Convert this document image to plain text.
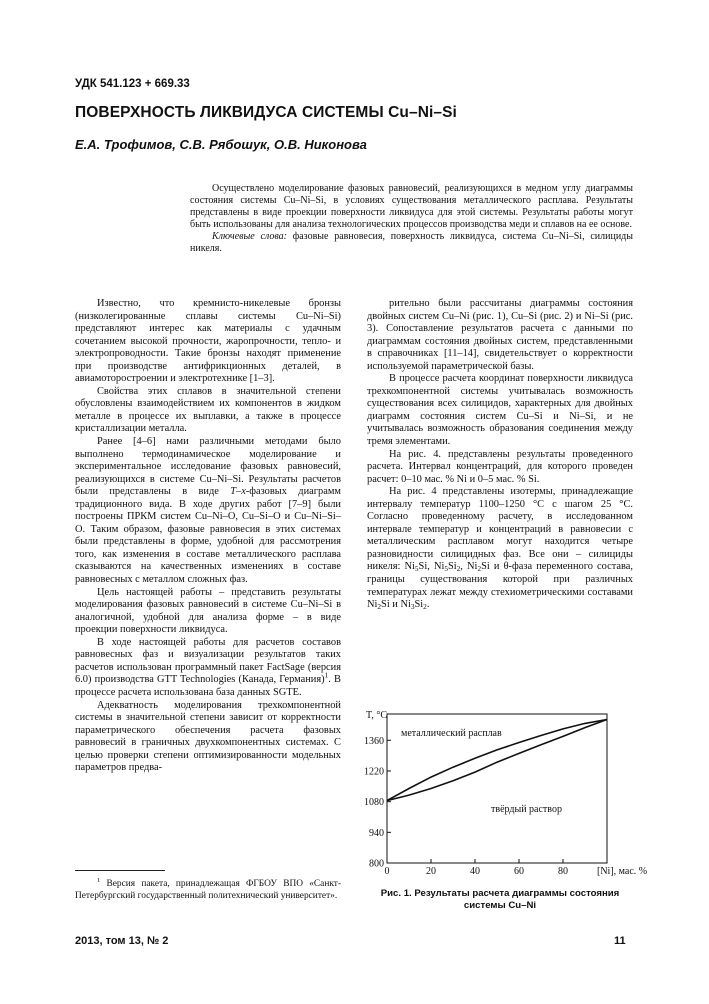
УДК 541.123 + 669.33
ПОВЕРХНОСТЬ ЛИКВИДУСА СИСТЕМЫ Cu–Ni–Si
Е.А. Трофимов, С.В. Рябошук, О.В. Никонова

Осуществлено моделирование фазовых равновесий, реализующихся в медном углу диаграммы состояния системы Cu–Ni–Si, в условиях существования металлического расплава. Результаты представлены в виде проекции поверхности ликвидуса для этой системы. Результаты работы могут быть использованы для анализа технологических процессов производства меди и сплавов на ее основе.

Ключевые слова: фазовые равновесия, поверхность ликвидуса, система Cu–Ni–Si, силициды никеля.

Известно, что кремнисто-никелевые бронзы (низколегированные сплавы системы Cu–Ni–Si) представляют интерес как материалы с удачным сочетанием высокой прочности, жаропрочности, тепло- и электропроводности. Такие бронзы находят применение при производстве антифрикционных деталей, в авиамоторостроении и электротехнике [1–3].

Свойства этих сплавов в значительной степени обусловлены взаимодействием их компонентов в жидком металле в процессе их выплавки, а также в процессе кристаллизации металла.

Ранее [4–6] нами различными методами было выполнено термодинамическое моделирование и экспериментальное исследование фазовых равновесий, реализующихся в системе Cu–Ni–Si. Результаты расчетов были представлены в виде T–x-фазовых диаграмм традиционного вида. В ходе других работ [7–9] были построены ПРКМ систем Cu–Ni–O, Cu–Si–O и Cu–Ni–Si–O. Таким образом, фазовые равновесия в этих системах были представлены в форме, удобной для рассмотрения того, как изменения в составе металлического расплава сказываются на качественных изменениях в составе равновесных с металлом сложных фаз.

Цель настоящей работы – представить результаты моделирования фазовых равновесий в системе Cu–Ni–Si в аналогичной, удобной для анализа форме – в виде проекции поверхности ликвидуса.

В ходе настоящей работы для расчетов составов равновесных фаз и визуализации результатов таких расчетов использован программный пакет FactSage (версия 6.0) производства GTT Technologies (Канада, Германия)$^1$. В процессе расчета использована база данных SGTE.

Адекватность моделирования трехкомпонентной системы в значительной степени зависит от корректности параметрического обеспечения расчета фазовых равновесий в граничных двухкомпонентных системах. С целью проверки степени оптимизированности модельных параметров предва-

рительно были рассчитаны диаграммы состояния двойных систем Cu–Ni (рис. 1), Cu–Si (рис. 2) и Ni–Si (рис. 3). Сопоставление результатов расчета с данными по диаграммам состояния двойных систем, представленными в справочниках [11–14], свидетельствует о корректности используемой параметрической базы.

В процессе расчета координат поверхности ликвидуса трехкомпонентной системы учитывалась возможность существования всех силицидов, характерных для двойных диаграмм состояния систем Cu–Si и Ni–Si, и не учитывалась возможность образования соединения между тремя элементами.

На рис. 4. представлены результаты проведенного расчета. Интервал концентраций, для которого проведен расчет: 0–10 мас. % Ni и 0–5 мас. % Si.

На рис. 4 представлены изотермы, принадлежащие интервалу температур 1100–1250 °С с шагом 25 °С. Согласно проведенному расчету, в исследованном интервале температур и концентраций в равновесии с металлическим расплавом могут находится четыре разновидности силицидных фаз. Все они – силициды никеля: $Ni_5Si$, $Ni_5Si_2$, $Ni_2Si$ и θ-фаза переменного состава, границы существования которой при различных температурах лежат между стехиометрическими составами $Ni_2Si$ и $Ni_3Si_2$.

800
940
1080
1220
1360
0	20	40	60	80
T, °C
[Ni], мас. %
металлический расплав
твёрдый раствор
Рис. 1. Результаты расчета диаграммы состояния
системы Cu–Ni
$^1$ Версия пакета, принадлежащая ФГБОУ ВПО «Санкт-Петербургский государственный политехнический университет».
2013, том 13, № 2	11
